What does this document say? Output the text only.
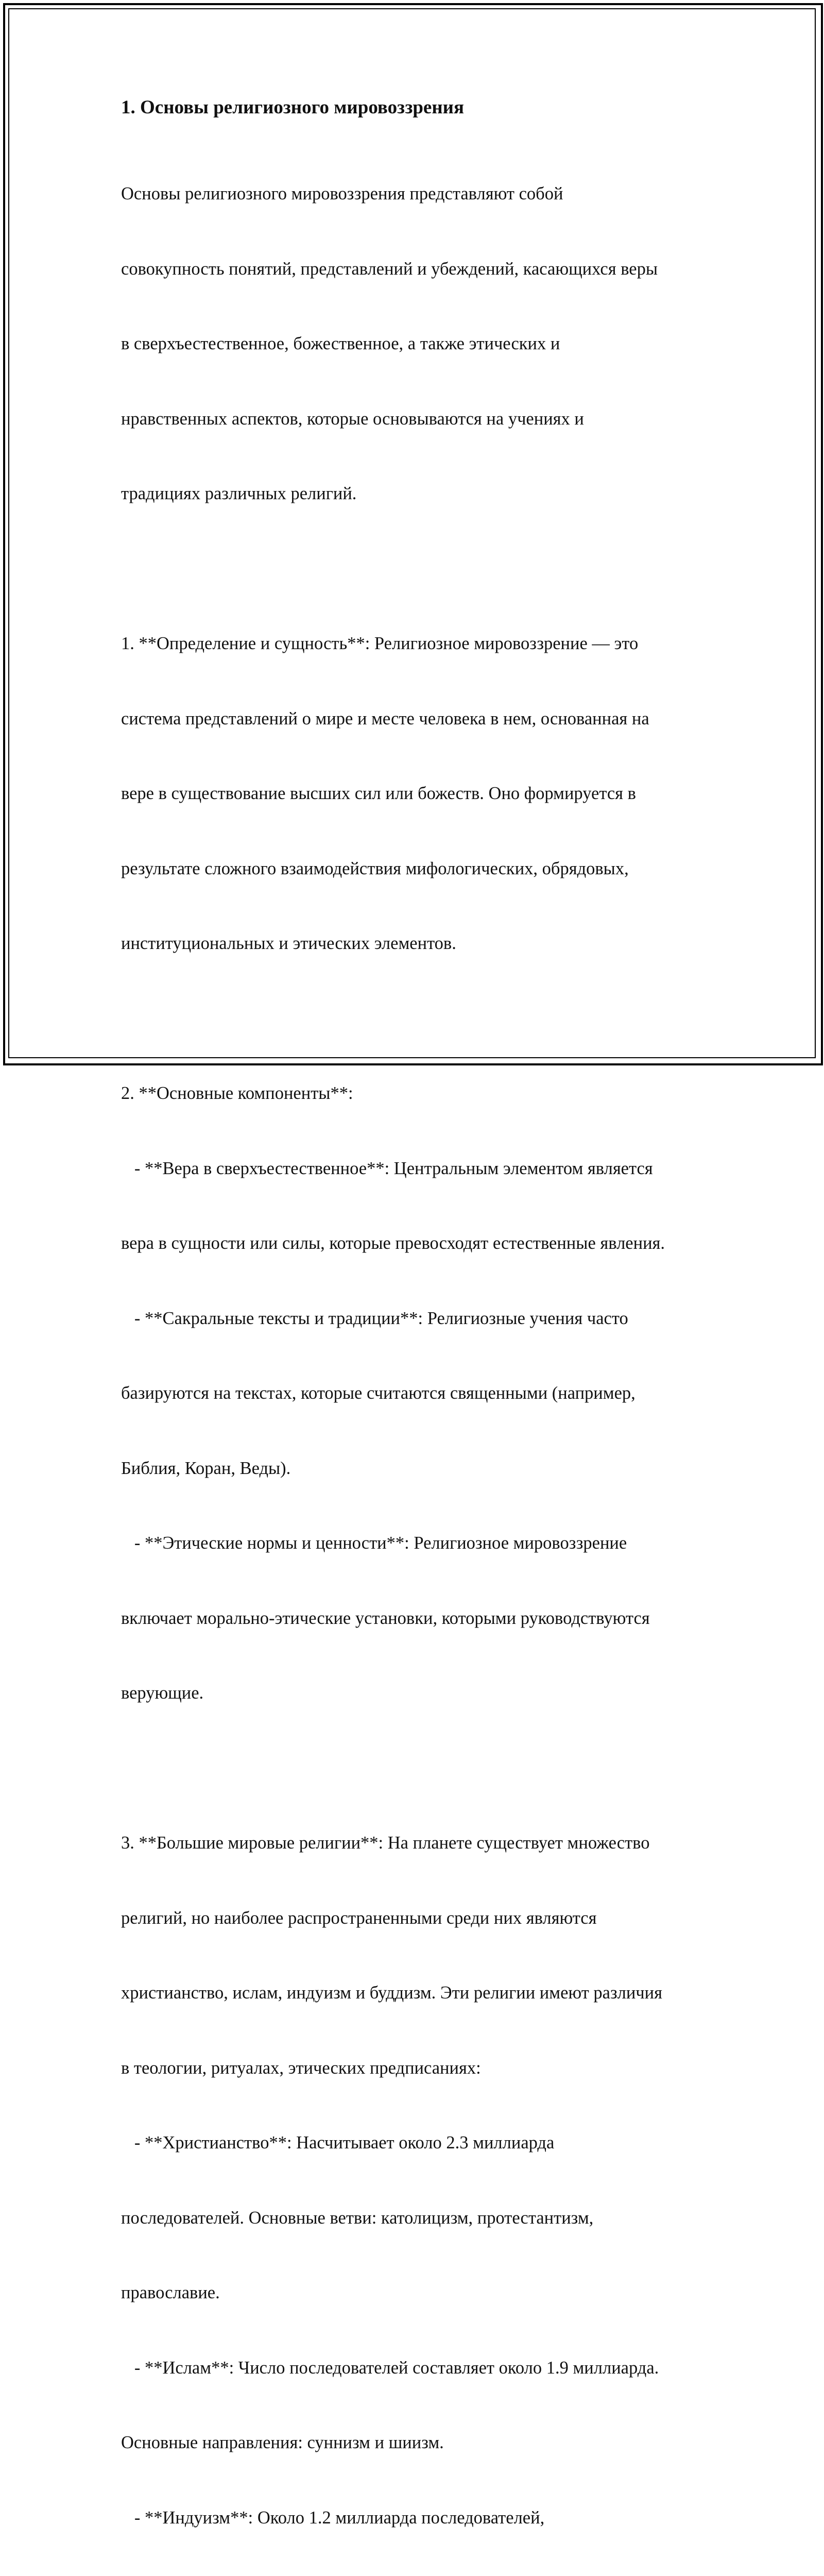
1. Основы религиозного мировоззрения

Основы религиозного мировоззрения представляют собой

совокупность понятий, представлений и убеждений, касающихся веры

в сверхъестественное, божественное, а также этических и

нравственных аспектов, которые основываются на учениях и

традициях различных религий.

1. **Определение и сущность**: Религиозное мировоззрение — это

система представлений о мире и месте человека в нем, основанная на

вере в существование высших сил или божеств. Оно формируется в

результате сложного взаимодействия мифологических, обрядовых,

институциональных и этических элементов.

2. **Основные компоненты**:

- **Вера в сверхъестественное**: Центральным элементом является

вера в сущности или силы, которые превосходят естественные явления.

- **Сакральные тексты и традиции**: Религиозные учения часто

базируются на текстах, которые считаются священными (например,

Библия, Коран, Веды).

- **Этические нормы и ценности**: Религиозное мировоззрение

включает морально-этические установки, которыми руководствуются

верующие.

3. **Большие мировые религии**: На планете существует множество

религий, но наиболее распространенными среди них являются

христианство, ислам, индуизм и буддизм. Эти религии имеют различия

в теологии, ритуалах, этических предписаниях:

- **Христианство**: Насчитывает около 2.3 миллиарда

последователей. Основные ветви: католицизм, протестантизм,

православие.

- **Ислам**: Число последователей составляет около 1.9 миллиарда.

Основные направления: суннизм и шиизм.

- **Индуизм**: Около 1.2 миллиарда последователей,
